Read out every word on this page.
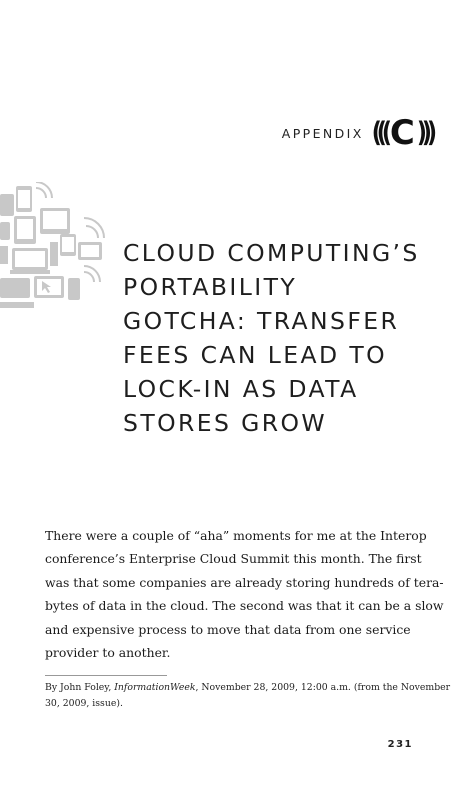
APPENDIX ((( C )))
CLOUD COMPUTING’S
PORTABILITY
GOTCHA: TRANSFER
FEES CAN LEAD TO
LOCK-IN AS DATA
STORES GROW

There were a couple of “aha” moments for me at the Interop
conference’s Enterprise Cloud Summit this month. The first
was that some companies are already storing hundreds of tera-
bytes of data in the cloud. The second was that it can be a slow
and expensive process to move that data from one service
provider to another.

By John Foley, InformationWeek, November 28, 2009, 12:00 a.m. (from the November
30, 2009, issue).

231
